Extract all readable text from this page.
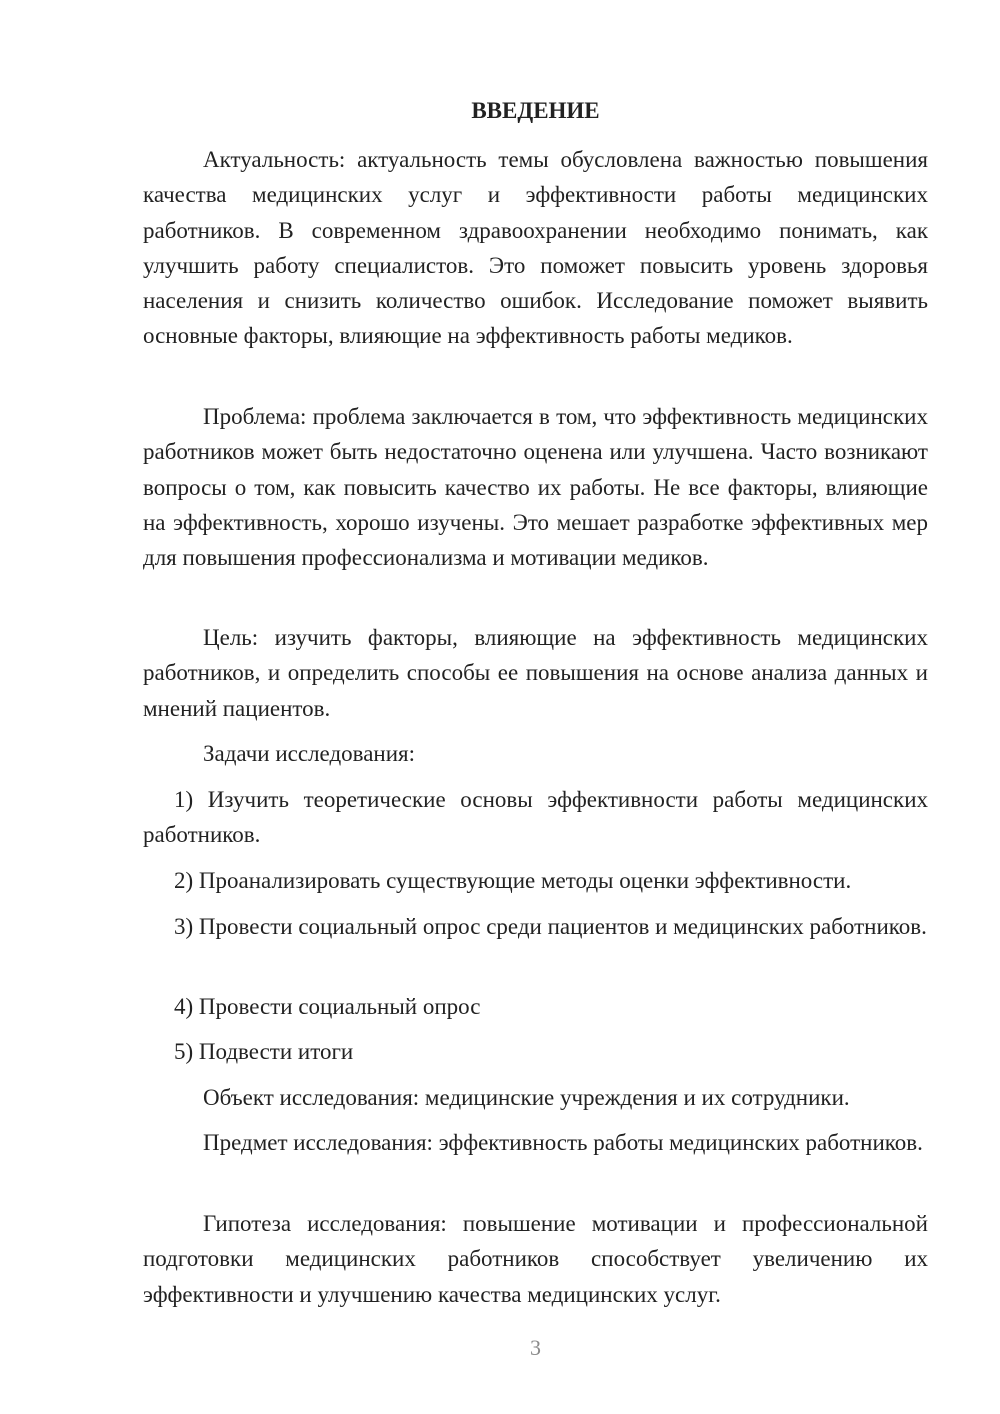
ВВЕДЕНИЕ

Актуальность: актуальность темы обусловлена важностью повышения качества медицинских услуг и эффективности работы медицинских работников. В современном здравоохранении необходимо понимать, как улучшить работу специалистов. Это поможет повысить уровень здоровья населения и снизить количество ошибок. Исследование поможет выявить основные факторы, влияющие на эффективность работы медиков.

Проблема: проблема заключается в том, что эффективность медицинских работников может быть недостаточно оценена или улучшена. Часто возникают вопросы о том, как повысить качество их работы. Не все факторы, влияющие на эффективность, хорошо изучены. Это мешает разработке эффективных мер для повышения профессионализма и мотивации медиков.

Цель: изучить факторы, влияющие на эффективность медицинских работников, и определить способы ее повышения на основе анализа данных и мнений пациентов.

Задачи исследования:

1) Изучить теоретические основы эффективности работы медицинских работников.

2) Проанализировать существующие методы оценки эффективности.

3) Провести социальный опрос среди пациентов и медицинских работников.

4) Провести социальный опрос

5) Подвести итоги

Объект исследования: медицинские учреждения и их сотрудники.

Предмет исследования: эффективность работы медицинских работников.

Гипотеза исследования: повышение мотивации и профессиональной подготовки медицинских работников способствует увеличению их эффективности и улучшению качества медицинских услуг.

3
